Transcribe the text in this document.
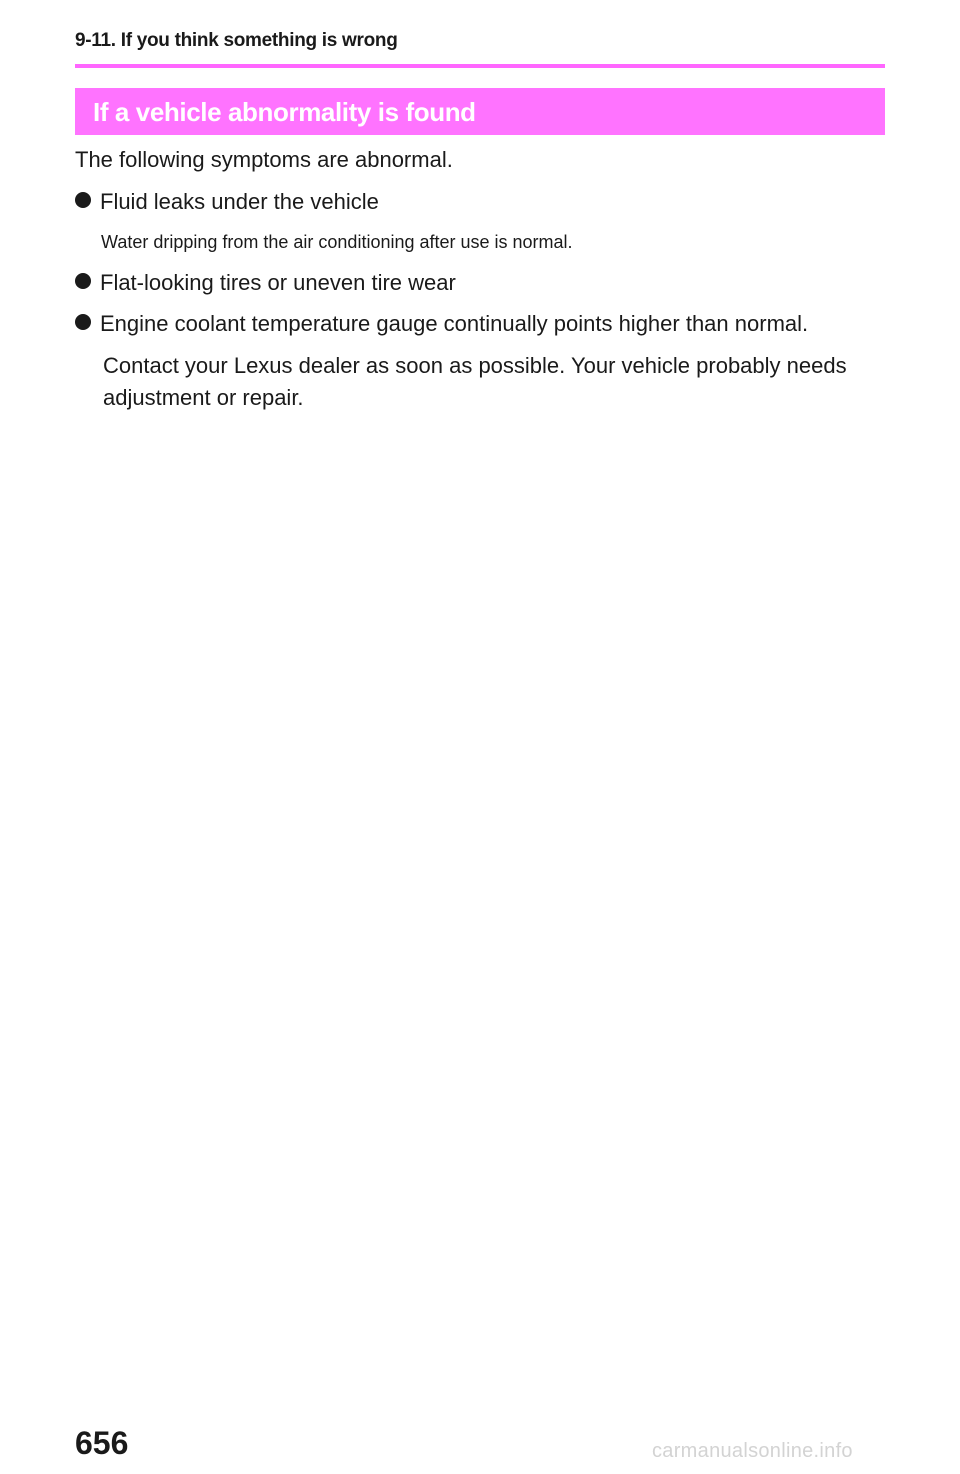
9-11. If you think something is wrong
If a vehicle abnormality is found
The following symptoms are abnormal.
Fluid leaks under the vehicle
Water dripping from the air conditioning after use is normal.
Flat-looking tires or uneven tire wear
Engine coolant temperature gauge continually points higher than normal.
Contact your Lexus dealer as soon as possible. Your vehicle probably needs adjustment or repair.
656	carmanualsonline.info
